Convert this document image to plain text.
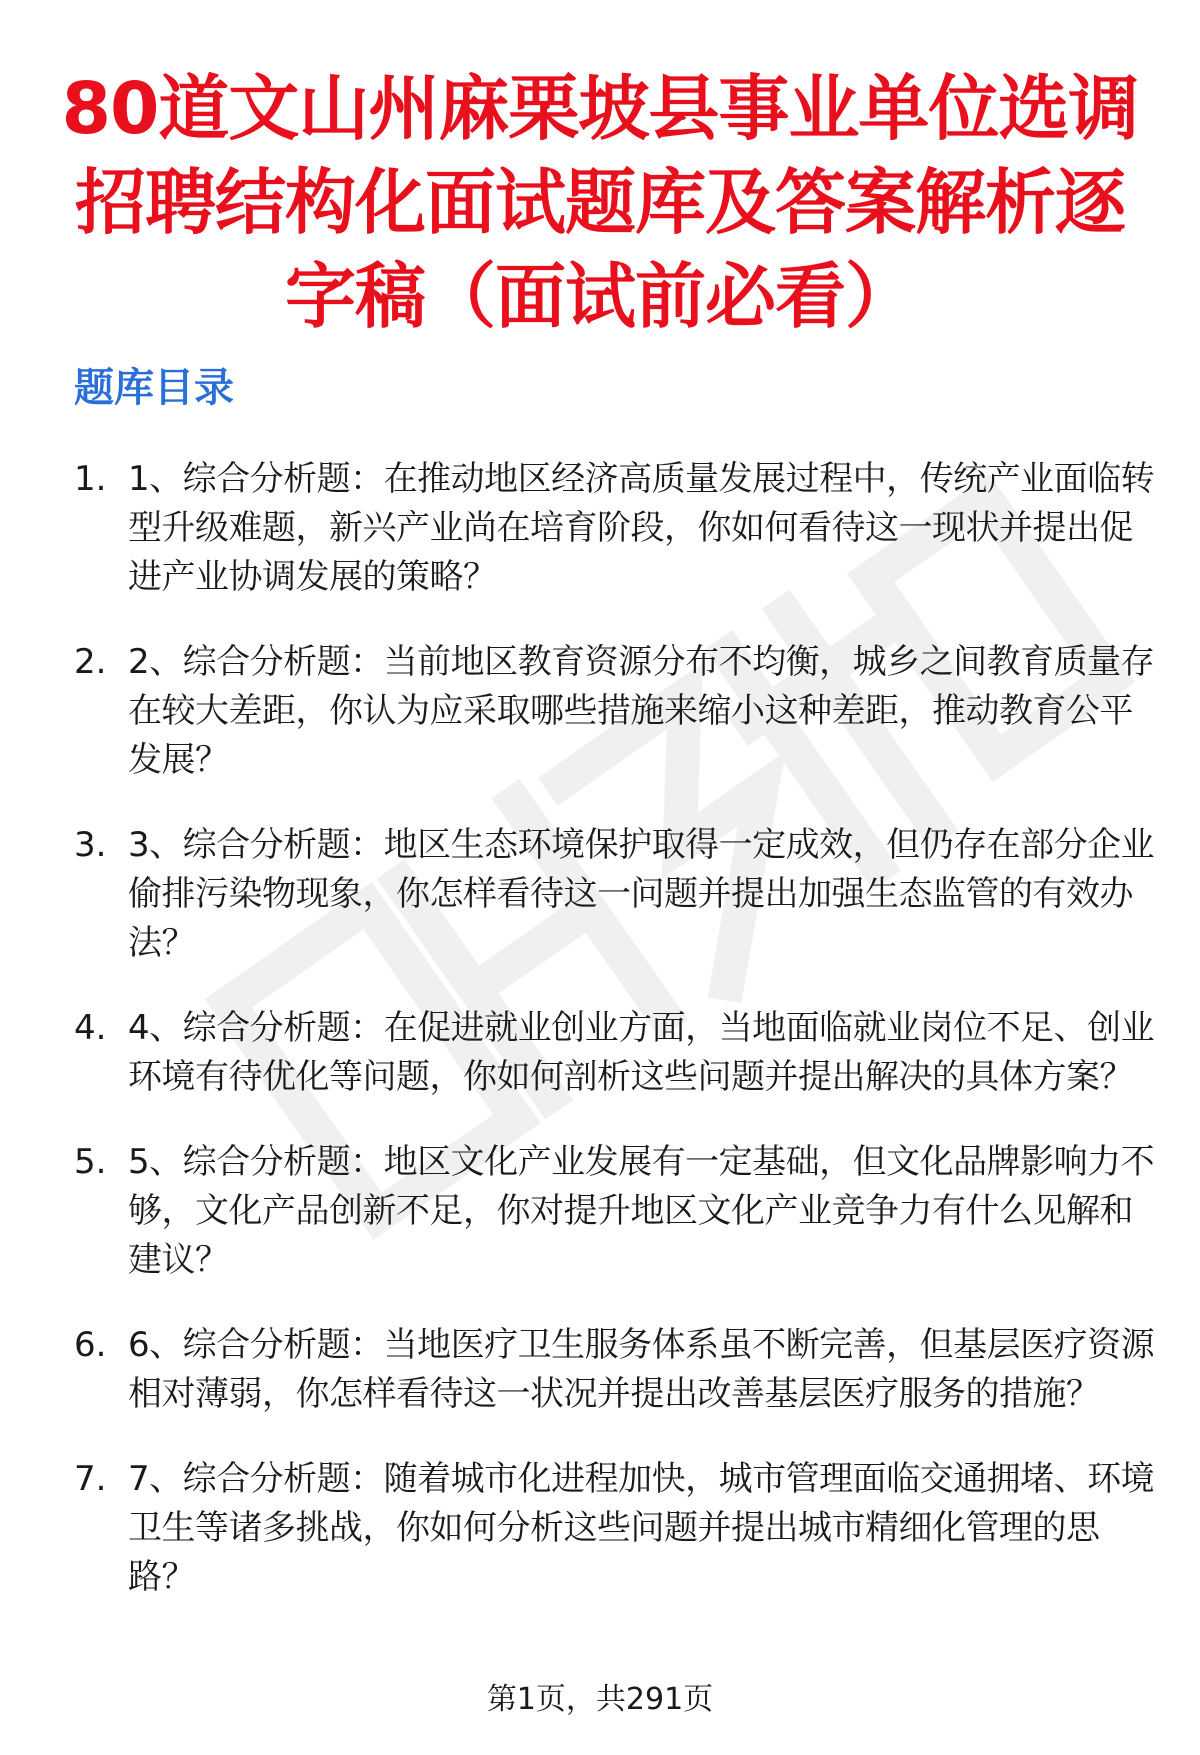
80道文山州麻栗坡县事业单位选调招聘结构化面试题库及答案解析逐字稿（面试前必看）
题库目录
1. 1、综合分析题：在推动地区经济高质量发展过程中，传统产业面临转型升级难题，新兴产业尚在培育阶段，你如何看待这一现状并提出促进产业协调发展的策略？
2. 2、综合分析题：当前地区教育资源分布不均衡，城乡之间教育质量存在较大差距，你认为应采取哪些措施来缩小这种差距，推动教育公平发展？
3. 3、综合分析题：地区生态环境保护取得一定成效，但仍存在部分企业偷排污染物现象，你怎样看待这一问题并提出加强生态监管的有效办法？
4. 4、综合分析题：在促进就业创业方面，当地面临就业岗位不足、创业环境有待优化等问题，你如何剖析这些问题并提出解决的具体方案？
5. 5、综合分析题：地区文化产业发展有一定基础，但文化品牌影响力不够，文化产品创新不足，你对提升地区文化产业竞争力有什么见解和建议？
6. 6、综合分析题：当地医疗卫生服务体系虽不断完善，但基层医疗资源相对薄弱，你怎样看待这一状况并提出改善基层医疗服务的措施？
7. 7、综合分析题：随着城市化进程加快，城市管理面临交通拥堵、环境卫生等诸多挑战，你如何分析这些问题并提出城市精细化管理的思路？
第1页，共291页
